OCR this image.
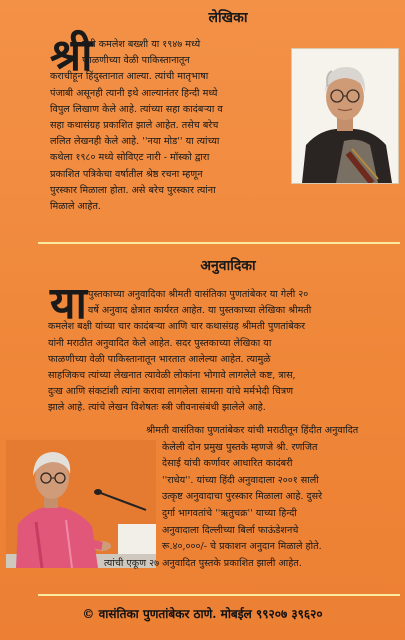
लेखिका
श्री
मती कमलेश बख्शी या १९४७ मध्ये
फाळणीच्या वेळी पाकिस्तानातून
कराचीहून हिंदुस्तानात आल्या. त्यांची मातृभाषा
पंजाबी असूनही त्यानी इथे आल्यानंतर हिन्दी मध्ये
विपुल लिखाण केले आहे. त्यांच्या सहा कादंबऱ्या व
सहा कथासंग्रह प्रकाशित झाले आहेत. तसेच बरेच
ललित लेखनही केले आहे. ''नया मोड'' या त्यांच्या
कथेला १९८० मध्ये सोविएट नारी - मॉस्को द्वारा
प्रकाशित पत्रिकेचा वर्षातील श्रेष्ठ रचना म्हणून
पुरस्कार मिळाला होता. असे बरेच पुरस्कार त्यांना
मिळाले आहेत.
अनुवादिका
या पुस्तकाच्या अनुवादिका श्रीमती वासंतिका पुणतांबेकर या गेली २०
वर्षे अनुवाद क्षेत्रात कार्यरत आहेत. या पुस्तकाच्या लेखिका श्रीमती
कमलेश बक्षी यांच्या चार कादंबऱ्या आणि चार कथासंग्रह श्रीमती पुणतांबेकर
यांनी मराठीत अनुवादित केले आहेत. सदर पुस्तकाच्या लेखिका या
फाळणीच्या वेळी पाकिस्तानातून भारतात आलेल्या आहेत. त्यामुळे
साहजिकच त्यांच्या लेखनात त्यावेळी लोकांना भोगावे लागलेले कष्ट, त्रास,
दुःख आणि संकटांशी त्यांना करावा लागलेला सामना यांचे मर्मभेदी चित्रण
झाले आहे. त्यांचे लेखन विशेषतः स्त्री जीवनासंबंधी झालेले आहे.
श्रीमती वासंतिका पुणतांबेकर यांची मराठीतून हिंदीत अनुवादित
केलेली दोन प्रमुख पुस्तके म्हणजे श्री. रणजित
देसाई यांची कर्णावर आधारित कादंबरी
''राधेय''. यांच्या हिंदी अनुवादाला २००१ साली
उत्कृष्ट अनुवादाचा पुरस्कार मिळाला आहे. दुसरे
दुर्गा भागवतांचे ''ऋतुचक्र'' याच्या हिन्दी
अनुवादाला दिल्लीच्या बिर्ला फाऊंडेशनचे
रू.४०,०००/- चे प्रकाशन अनुदान मिळाले होते.
त्यांची एकूण २७ अनुवादित पुस्तके प्रकाशित झाली आहेत.
© वासंतिका पुणतांबेकर ठाणे. मोबईल ९९२०७ ३९६२०
